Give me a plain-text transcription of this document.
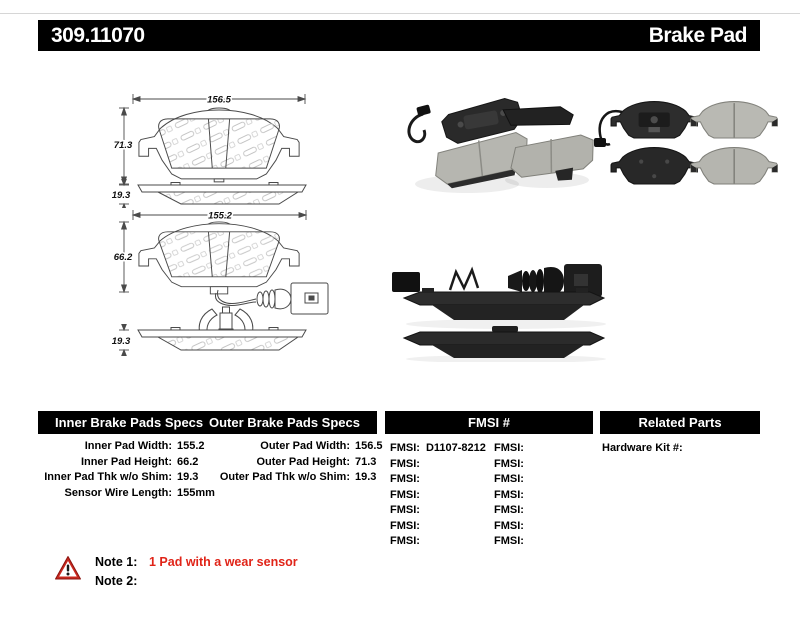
309.11070	Brake Pad
156.5
71.3
19.3
155.2
66.2
19.3
Inner Brake Pads Specs Outer Brake Pads Specs	FMSI #	Related Parts
Inner Pad Width: 155.2
Inner Pad Height: 66.2
Inner Pad Thk w/o Shim: 19.3
Sensor Wire Length: 155mm
Outer Pad Width: 156.5
Outer Pad Height: 71.3
Outer Pad Thk w/o Shim: 19.3
FMSI: D1107-8212 FMSI:
FMSI:	FMSI:
FMSI:	FMSI:
FMSI:	FMSI:
FMSI:	FMSI:
FMSI:	FMSI:
FMSI:	FMSI:
Hardware Kit #:
Note 1: 1 Pad with a wear sensor
Note 2:
